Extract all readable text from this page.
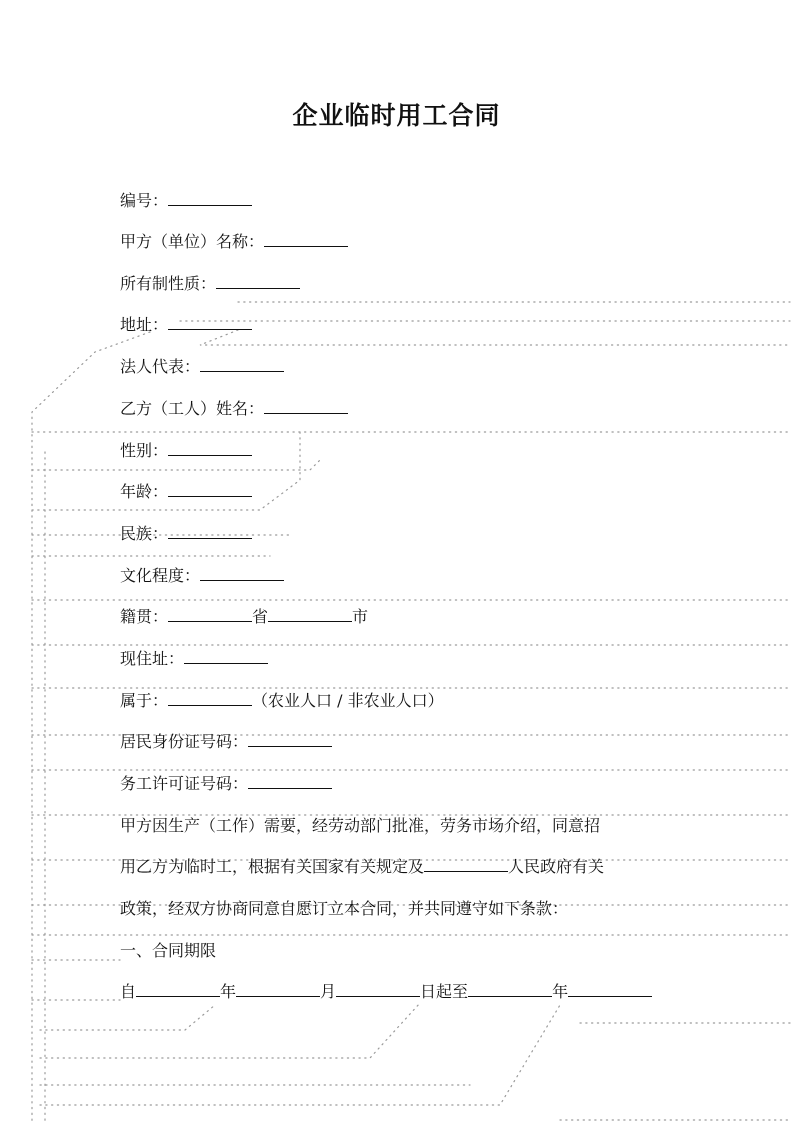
企业临时用工合同
编号：
甲方（单位）名称：
所有制性质：
地址：
法人代表：
乙方（工人）姓名：
性别：
年龄：
民族：
文化程度：
籍贯：	省	市
现住址：
属于：	（农业人口 / 非农业人口）
居民身份证号码：
务工许可证号码：
甲方因生产（工作）需要，经劳动部门批准，劳务市场介绍，同意招
用乙方为临时工，根据有关国家有关规定及	人民政府有关
政策，经双方协商同意自愿订立本合同，并共同遵守如下条款：
一、合同期限
自	年	月	日起至	年
